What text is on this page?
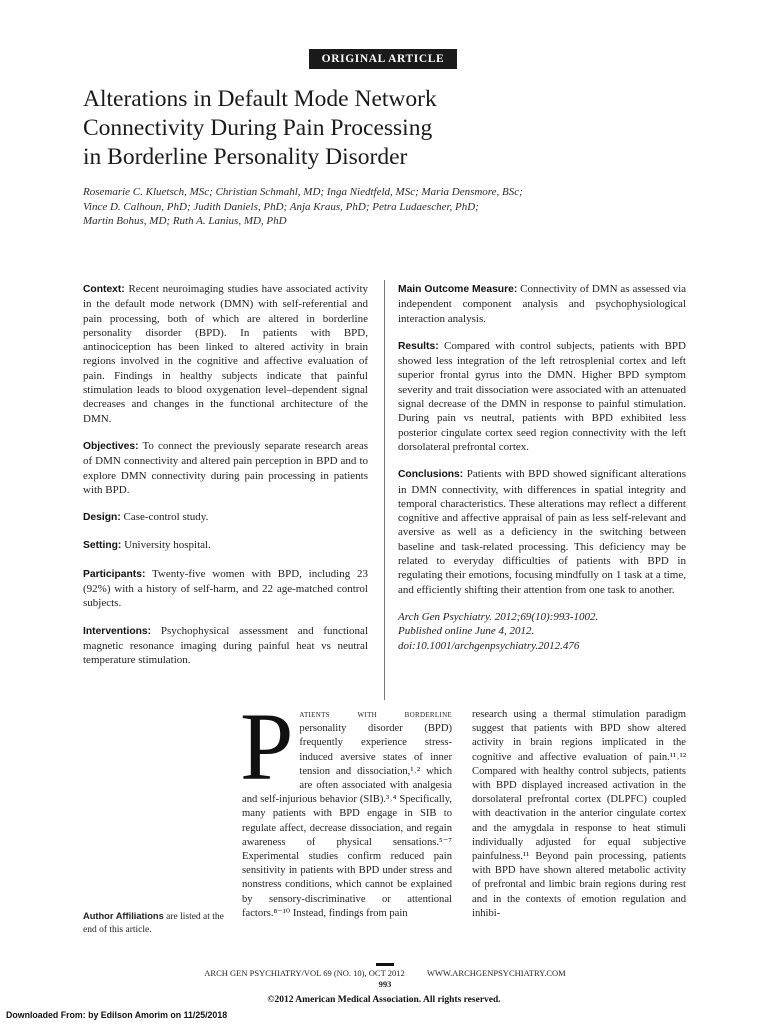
ORIGINAL ARTICLE
Alterations in Default Mode Network
Connectivity During Pain Processing
in Borderline Personality Disorder
Rosemarie C. Kluetsch, MSc; Christian Schmahl, MD; Inga Niedtfeld, MSc; Maria Densmore, BSc;
Vince D. Calhoun, PhD; Judith Daniels, PhD; Anja Kraus, PhD; Petra Ludaescher, PhD;
Martin Bohus, MD; Ruth A. Lanius, MD, PhD

Context: Recent neuroimaging studies have associated activity in the default mode network (DMN) with self-referential and pain processing, both of which are altered in borderline personality disorder (BPD). In patients with BPD, antinociception has been linked to altered activity in brain regions involved in the cognitive and affective evaluation of pain. Findings in healthy subjects indicate that painful stimulation leads to blood oxygenation level–dependent signal decreases and changes in the functional architecture of the DMN.

Objectives: To connect the previously separate research areas of DMN connectivity and altered pain perception in BPD and to explore DMN connectivity during pain processing in patients with BPD.

Design: Case-control study.

Setting: University hospital.

Participants: Twenty-five women with BPD, including 23 (92%) with a history of self-harm, and 22 age-matched control subjects.

Interventions: Psychophysical assessment and functional magnetic resonance imaging during painful heat vs neutral temperature stimulation.

Main Outcome Measure: Connectivity of DMN as assessed via independent component analysis and psychophysiological interaction analysis.

Results: Compared with control subjects, patients with BPD showed less integration of the left retrosplenial cortex and left superior frontal gyrus into the DMN. Higher BPD symptom severity and trait dissociation were associated with an attenuated signal decrease of the DMN in response to painful stimulation. During pain vs neutral, patients with BPD exhibited less posterior cingulate cortex seed region connectivity with the left dorsolateral prefrontal cortex.

Conclusions: Patients with BPD showed significant alterations in DMN connectivity, with differences in spatial integrity and temporal characteristics. These alterations may reflect a different cognitive and affective appraisal of pain as less self-relevant and aversive as well as a deficiency in the switching between baseline and task-related processing. This deficiency may be related to everyday difficulties of patients with BPD in regulating their emotions, focusing mindfully on 1 task at a time, and efficiently shifting their attention from one task to another.

Arch Gen Psychiatry. 2012;69(10):993-1002.
Published online June 4, 2012.
doi:10.1001/archgenpsychiatry.2012.476

Patients with borderline personality disorder (BPD) frequently experience stress-induced aversive states of inner tension and dissociation,¹˒² which are often associated with analgesia and self-injurious behavior (SIB).³˒⁴ Specifically, many patients with BPD engage in SIB to regulate affect, decrease dissociation, and regain awareness of physical sensations.⁵⁻⁷ Experimental studies confirm reduced pain sensitivity in patients with BPD under stress and nonstress conditions, which cannot be explained by sensory-discriminative or attentional factors.⁸⁻¹⁰ Instead, findings from pain
research using a thermal stimulation paradigm suggest that patients with BPD show altered activity in brain regions implicated in the cognitive and affective evaluation of pain.¹¹˒¹² Compared with healthy control subjects, patients with BPD displayed increased activation in the dorsolateral prefrontal cortex (DLPFC) coupled with deactivation in the anterior cingulate cortex and the amygdala in response to heat stimuli individually adjusted for equal subjective painfulness.¹¹ Beyond pain processing, patients with BPD have shown altered metabolic activity of prefrontal and limbic brain regions during rest and in the contexts of emotion regulation and inhibi-
Author Affiliations are listed at the end of this article.
ARCH GEN PSYCHIATRY/VOL 69 (NO. 10), OCT 2012	WWW.ARCHGENPSYCHIATRY.COM
993
©2012 American Medical Association. All rights reserved.
Downloaded From: by Edilson Amorim on 11/25/2018
